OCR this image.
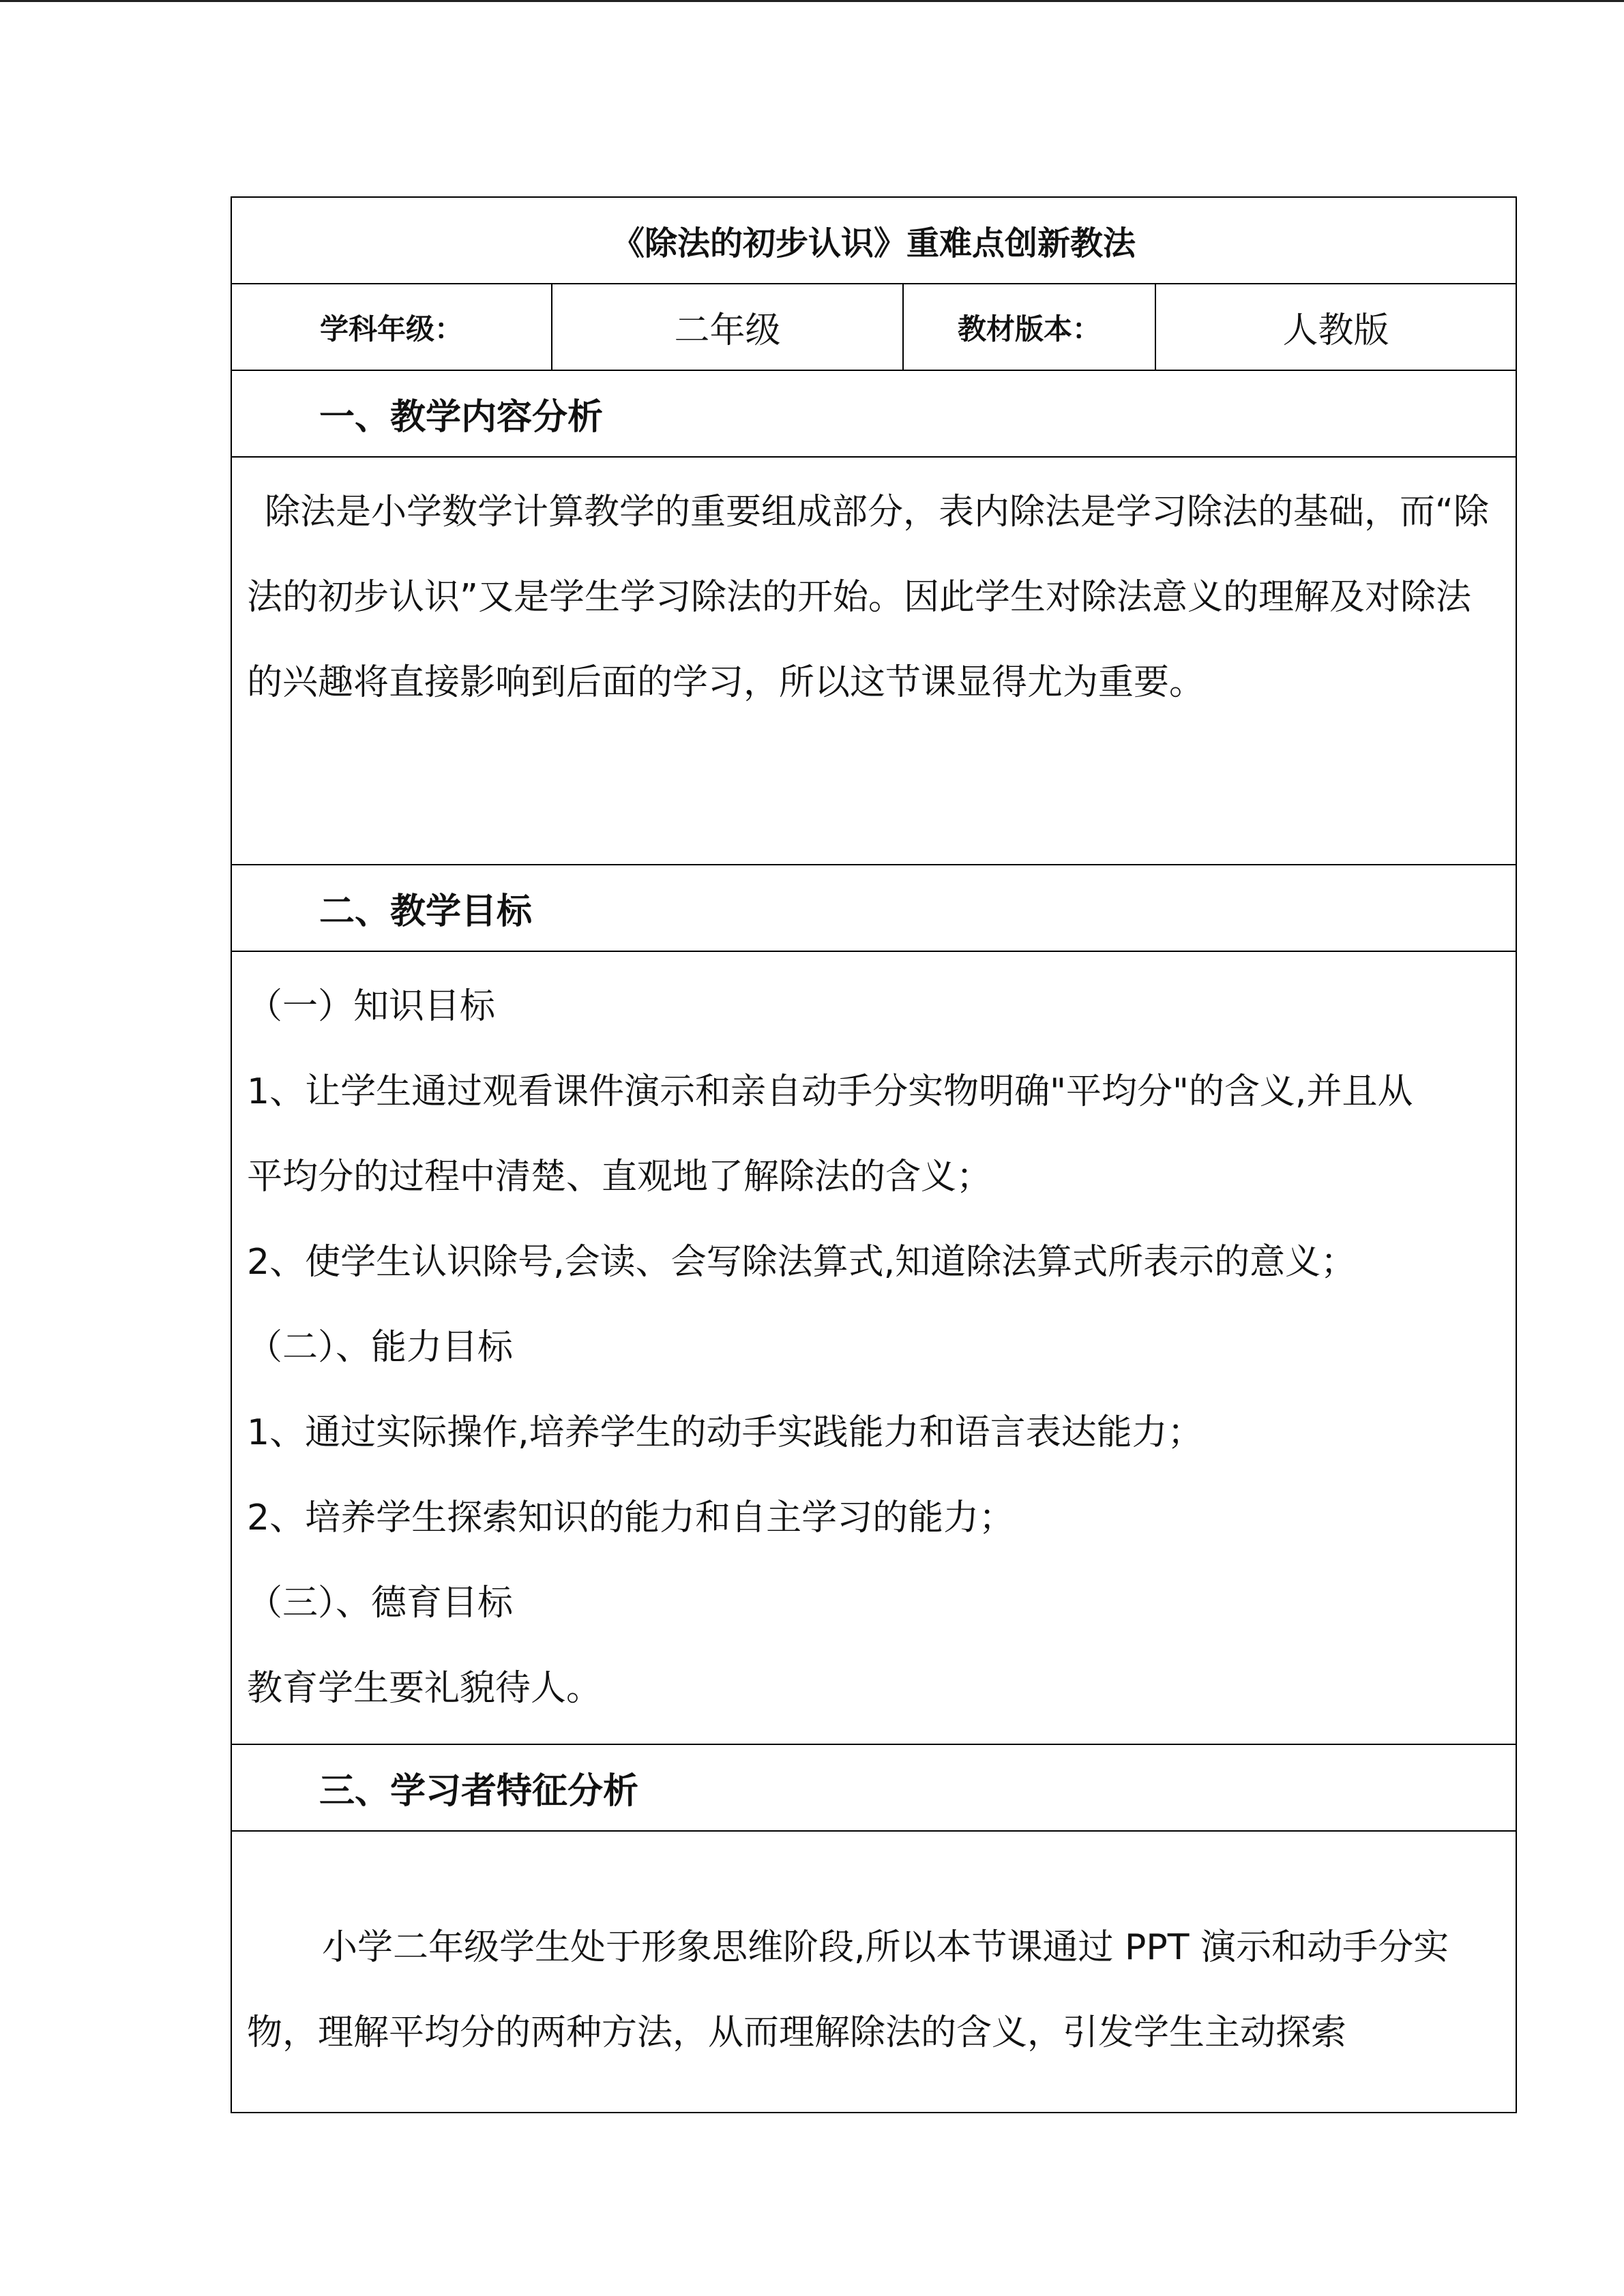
《除法的初步认识》重难点创新教法
学科年级：	二年级	教材版本：	人教版
一、教学内容分析

除法是小学数学计算教学的重要组成部分，表内除法是学习除法的基础，而“除法的初步认识”又是学生学习除法的开始。因此学生对除法意义的理解及对除法的兴趣将直接影响到后面的学习，所以这节课显得尤为重要。

二、教学目标

（一）知识目标
1、让学生通过观看课件演示和亲自动手分实物明确"平均分"的含义,并且从
平均分的过程中清楚、直观地了解除法的含义；
2、使学生认识除号,会读、会写除法算式,知道除法算式所表示的意义；
（二）、能力目标
1、通过实际操作,培养学生的动手实践能力和语言表达能力；
2、培养学生探索知识的能力和自主学习的能力；
（三）、德育目标
教育学生要礼貌待人。

三、学习者特征分析

小学二年级学生处于形象思维阶段,所以本节课通过 PPT 演示和动手分实物，理解平均分的两种方法，从而理解除法的含义，引发学生主动探索
